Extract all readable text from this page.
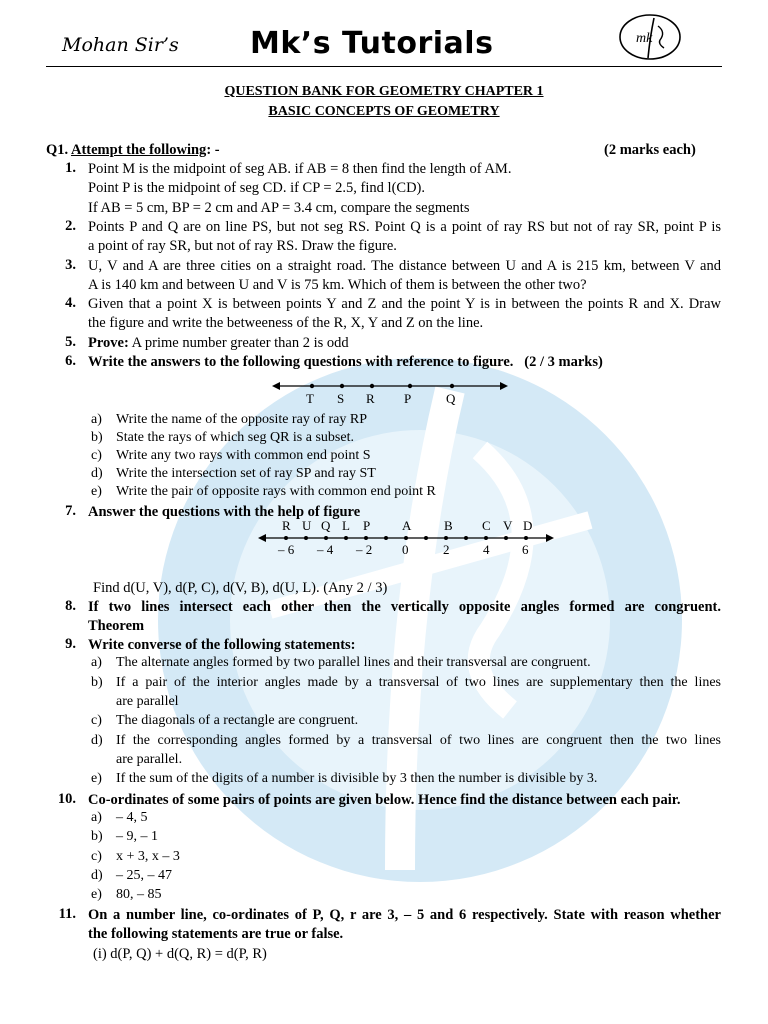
Mohan Sir’s Mk’s Tutorials	mk
QUESTION BANK FOR GEOMETRY CHAPTER 1
BASIC CONCEPTS OF GEOMETRY
Q1. Attempt the following: -	(2 marks each)
1. Point M is the midpoint of seg AB. if AB = 8 then find the length of AM.
Point P is the midpoint of seg CD. if CP = 2.5, find l(CD).
If AB = 5 cm, BP = 2 cm and AP = 3.4 cm, compare the segments
2. Points P and Q are on line PS, but not seg RS. Point Q is a point of ray RS but not of ray SR, point P is
a point of ray SR, but not of ray RS. Draw the figure.
3. U, V and A are three cities on a straight road. The distance between U and A is 215 km, between V and
A is 140 km and between U and V is 75 km. Which of them is between the other two?
4. Given that a point X is between points Y and Z and the point Y is in between the points R and X. Draw
the figure and write the betweeness of the R, X, Y and Z on the line.
5. Prove: A prime number greater than 2 is odd
6. Write the answers to the following questions with reference to figure. (2 / 3 marks)
T S R P	Q
a) Write the name of the opposite ray of ray RP
b) State the rays of which seg QR is a subset.
c) Write any two rays with common end point S
d) Write the intersection set of ray SP and ray ST
e) Write the pair of opposite rays with common end point R
7. Answer the questions with the help of figure
R U Q L P A	B C V D
– 6 – 4 – 2 0	2	4	6
Find d(U, V), d(P, C), d(V, B), d(U, L). (Any 2 / 3)
8. If two lines intersect each other then the vertically opposite angles formed are congruent.
Theorem
9. Write converse of the following statements:
a) The alternate angles formed by two parallel lines and their transversal are congruent.
b) If a pair of the interior angles made by a transversal of two lines are supplementary then the lines
are parallel
c) The diagonals of a rectangle are congruent.
d) If the corresponding angles formed by a transversal of two lines are congruent then the two lines
are parallel.
e) If the sum of the digits of a number is divisible by 3 then the number is divisible by 3.
10. Co-ordinates of some pairs of points are given below. Hence find the distance between each pair.
a) – 4, 5
b) – 9, – 1
c) x + 3, x – 3
d) – 25, – 47
e) 80, – 85
11. On a number line, co-ordinates of P, Q, r are 3, – 5 and 6 respectively. State with reason whether
the following statements are true or false.
(i) d(P, Q) + d(Q, R) = d(P, R)
